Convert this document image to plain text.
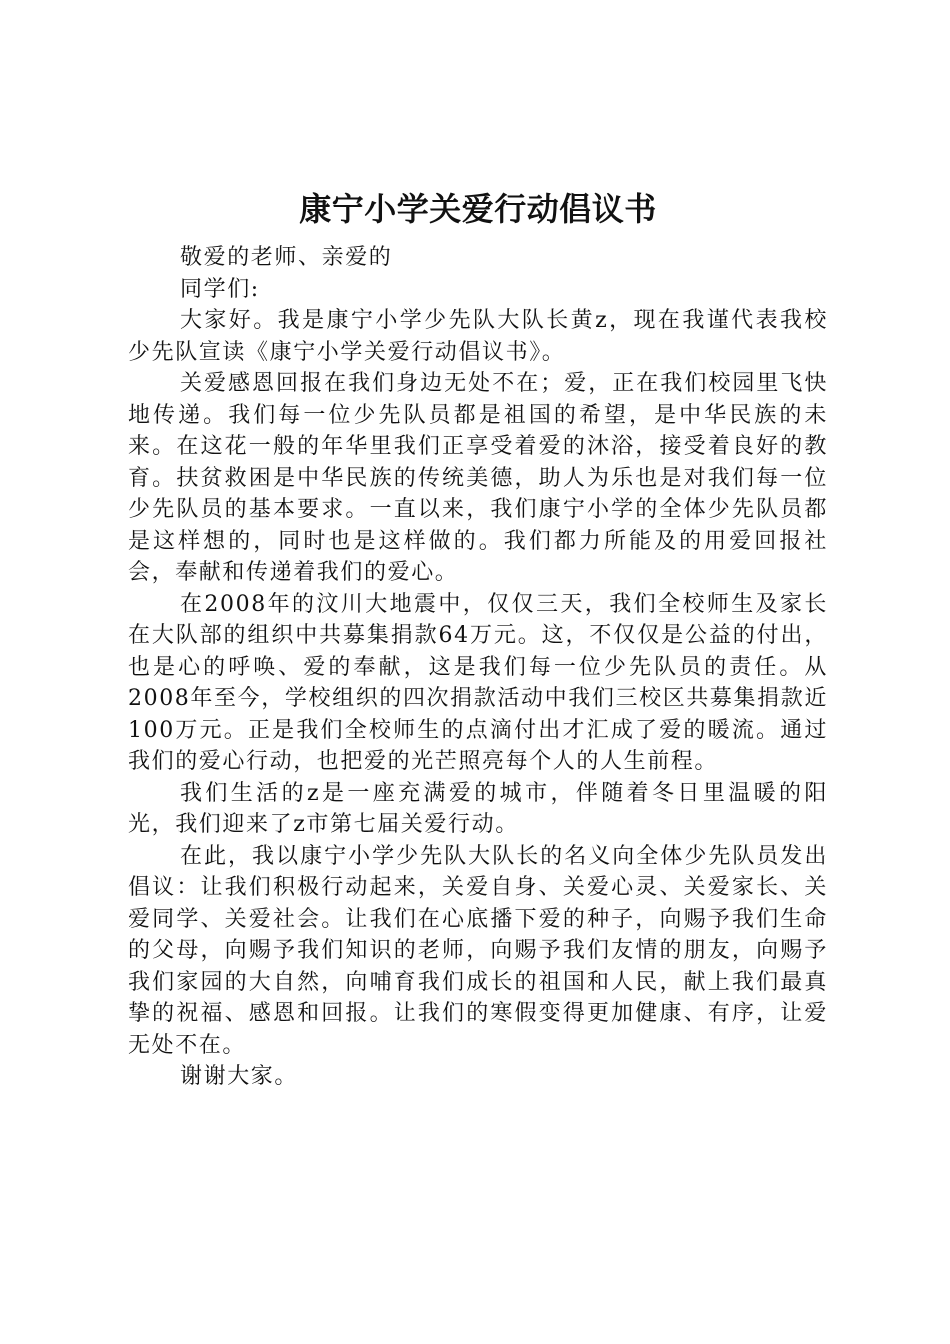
康宁小学关爱行动倡议书

敬爱的老师、亲爱的

同学们:

大家好。我是康宁小学少先队大队长黄z，现在我谨代表我校少先队宣读《康宁小学关爱行动倡议书》。

关爱感恩回报在我们身边无处不在；爱，正在我们校园里飞快地传递。我们每一位少先队员都是祖国的希望，是中华民族的未来。在这花一般的年华里我们正享受着爱的沐浴，接受着良好的教育。扶贫救困是中华民族的传统美德，助人为乐也是对我们每一位少先队员的基本要求。一直以来，我们康宁小学的全体少先队员都是这样想的，同时也是这样做的。我们都力所能及的用爱回报社会，奉献和传递着我们的爱心。

在2008年的汶川大地震中，仅仅三天，我们全校师生及家长在大队部的组织中共募集捐款64万元。这，不仅仅是公益的付出，也是心的呼唤、爱的奉献，这是我们每一位少先队员的责任。从2008年至今，学校组织的四次捐款活动中我们三校区共募集捐款近100万元。正是我们全校师生的点滴付出才汇成了爱的暖流。通过我们的爱心行动，也把爱的光芒照亮每个人的人生前程。

我们生活的z是一座充满爱的城市，伴随着冬日里温暖的阳光，我们迎来了z市第七届关爱行动。

在此，我以康宁小学少先队大队长的名义向全体少先队员发出倡议：让我们积极行动起来，关爱自身、关爱心灵、关爱家长、关爱同学、关爱社会。让我们在心底播下爱的种子，向赐予我们生命的父母，向赐予我们知识的老师，向赐予我们友情的朋友，向赐予我们家园的大自然，向哺育我们成长的祖国和人民，献上我们最真挚的祝福、感恩和回报。让我们的寒假变得更加健康、有序，让爱无处不在。

谢谢大家。
